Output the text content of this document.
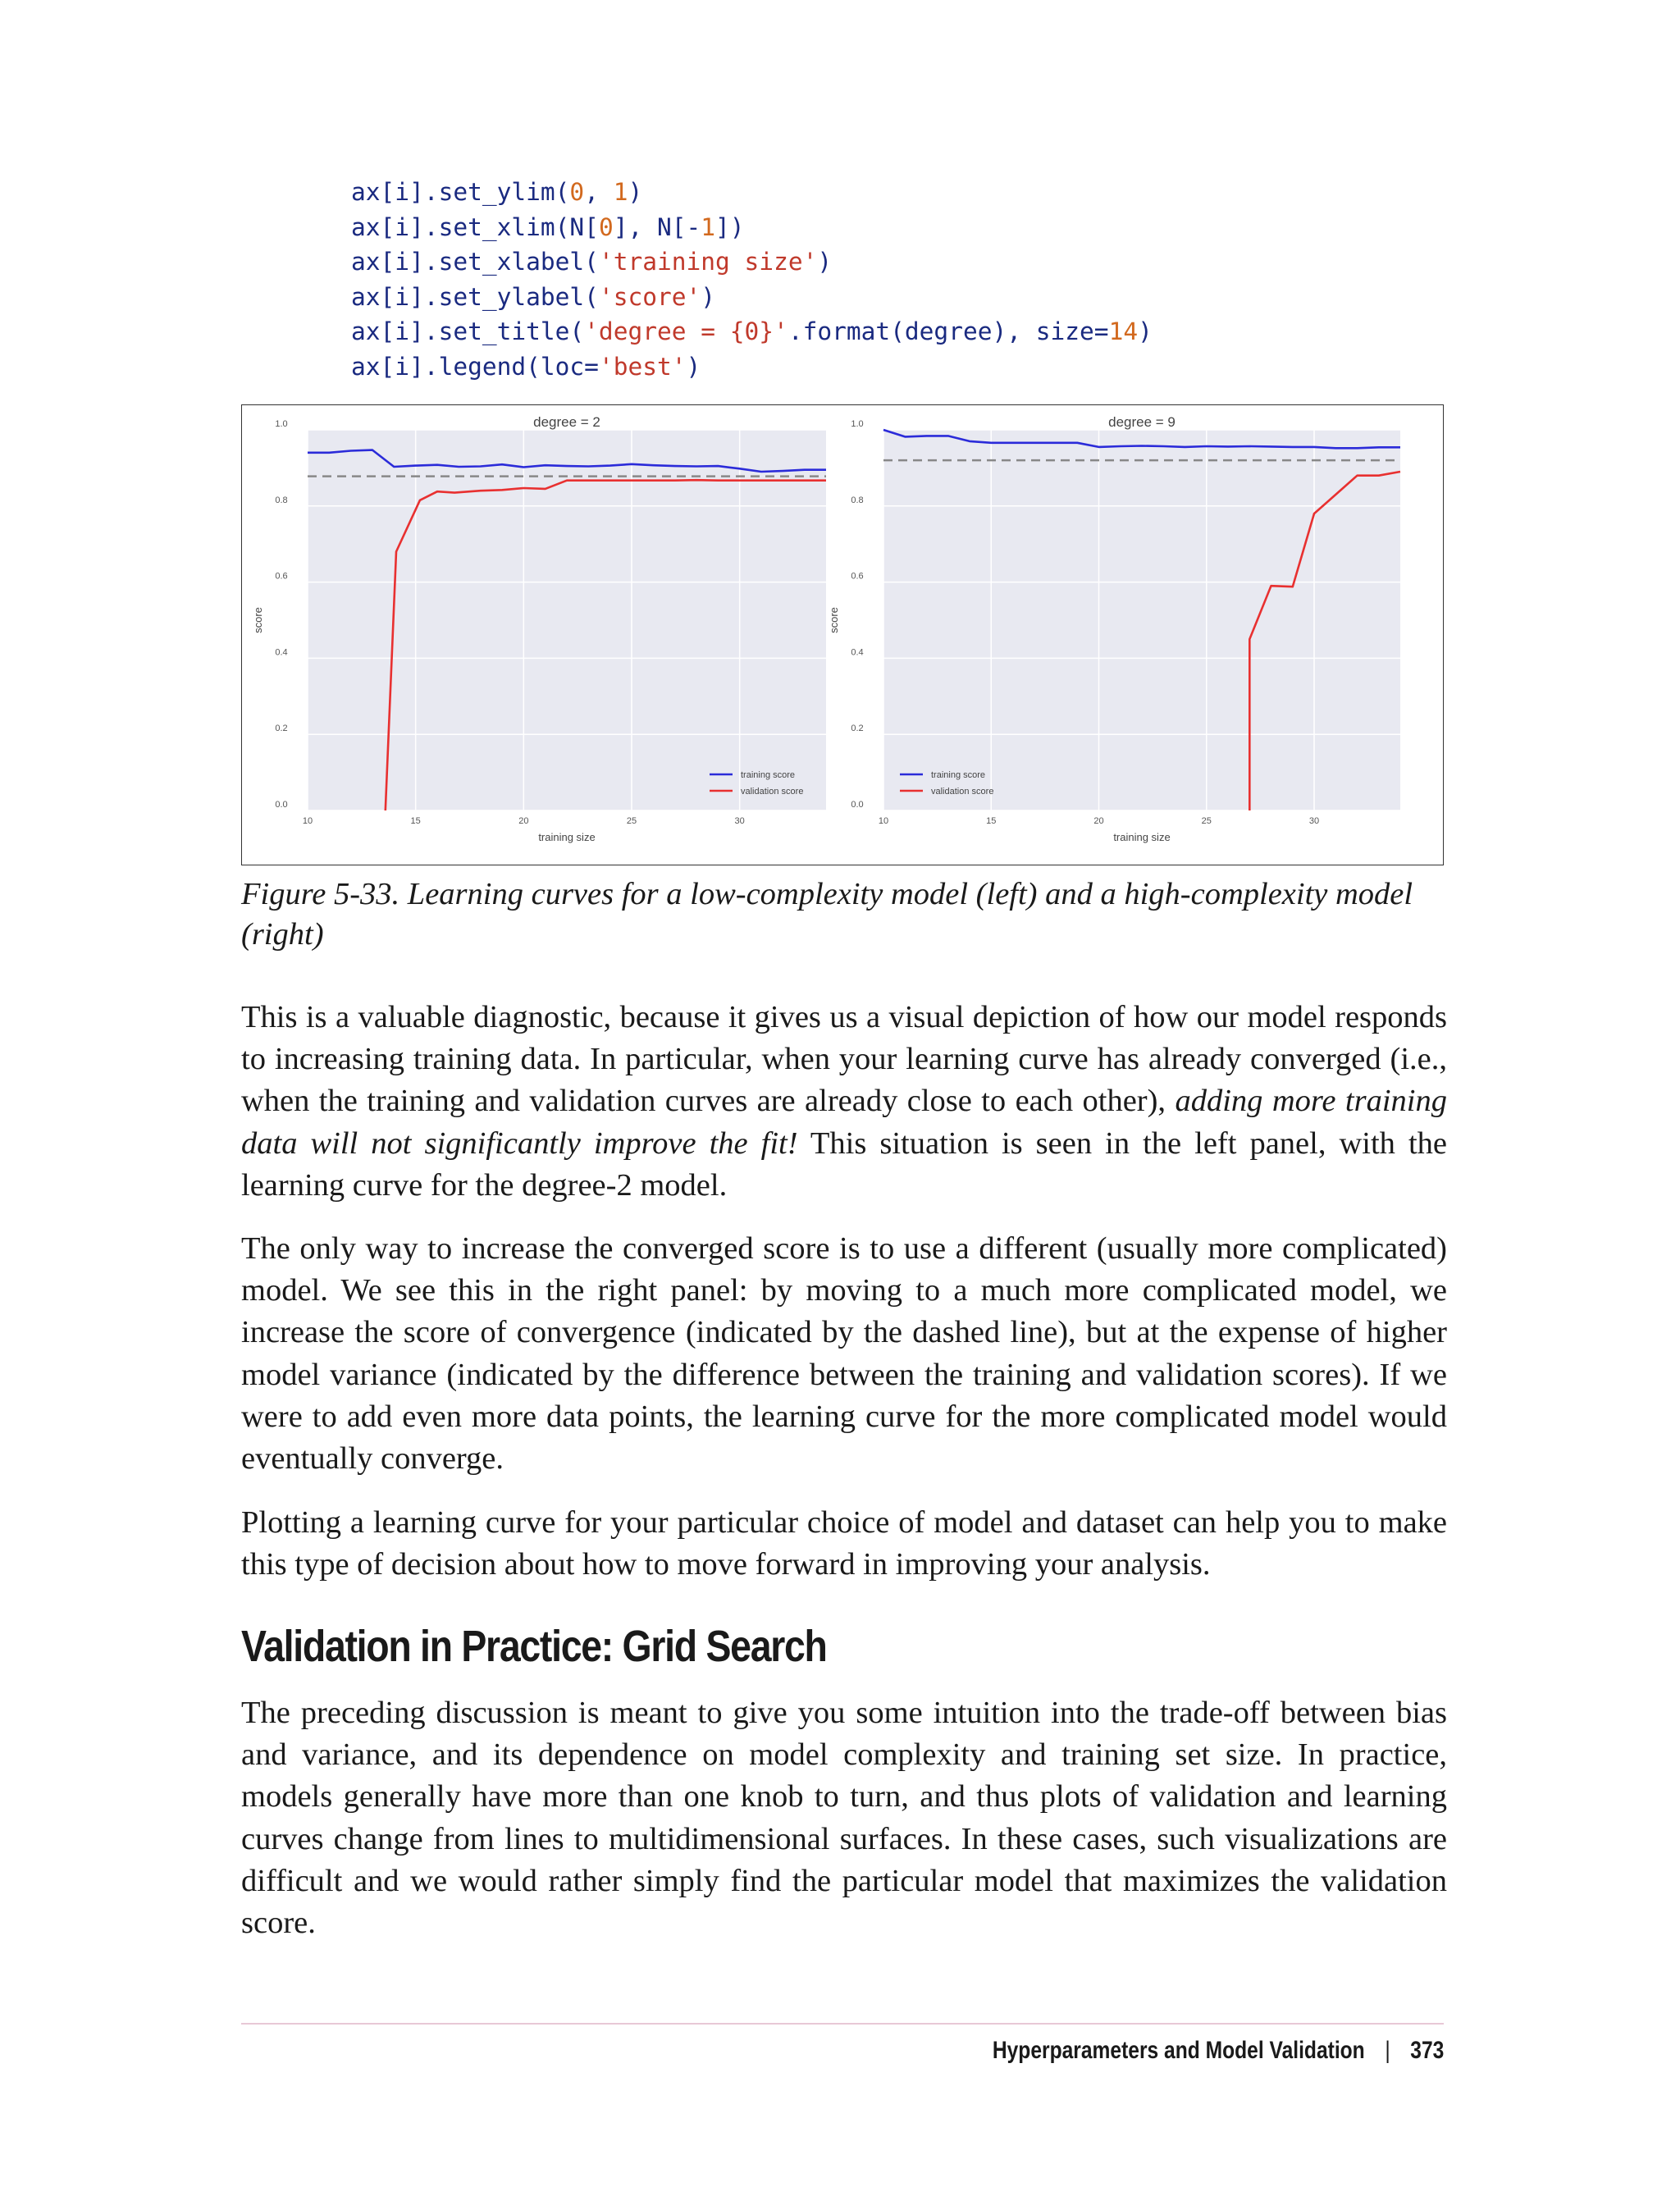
ax[i].set_ylim(0, 1)
ax[i].set_xlim(N[0], N[-1])
ax[i].set_xlabel('training size')
ax[i].set_ylabel('score')
ax[i].set_title('degree = {0}'.format(degree), size=14)
ax[i].legend(loc='best')
0.0
0.2
0.4
0.6
0.8
1.0
10	15	20	25	30
degree = 2
training size
score
training score
validation score
0.0
0.2
0.4
0.6
0.8
1.0
10	15	20	25	30
degree = 9
training size
score
training score
validation score
Figure 5-33. Learning curves for a low-complexity model (left) and a high-complexity model (right)

This is a valuable diagnostic, because it gives us a visual depiction of how our model responds to increasing training data. In particular, when your learning curve has already converged (i.e., when the training and validation curves are already close to each other), adding more training data will not significantly improve the fit! This situation is seen in the left panel, with the learning curve for the degree-2 model.

The only way to increase the converged score is to use a different (usually more complicated) model. We see this in the right panel: by moving to a much more complicated model, we increase the score of convergence (indicated by the dashed line), but at the expense of higher model variance (indicated by the difference between the training and validation scores). If we were to add even more data points, the learning curve for the more complicated model would eventually converge.

Plotting a learning curve for your particular choice of model and dataset can help you to make this type of decision about how to move forward in improving your analysis.

Validation in Practice: Grid Search

The preceding discussion is meant to give you some intuition into the trade-off between bias and variance, and its dependence on model complexity and training set size. In practice, models generally have more than one knob to turn, and thus plots of validation and learning curves change from lines to multidimensional surfaces. In these cases, such visualizations are difficult and we would rather simply find the particular model that maximizes the validation score.

Hyperparameters and Model Validation | 373
